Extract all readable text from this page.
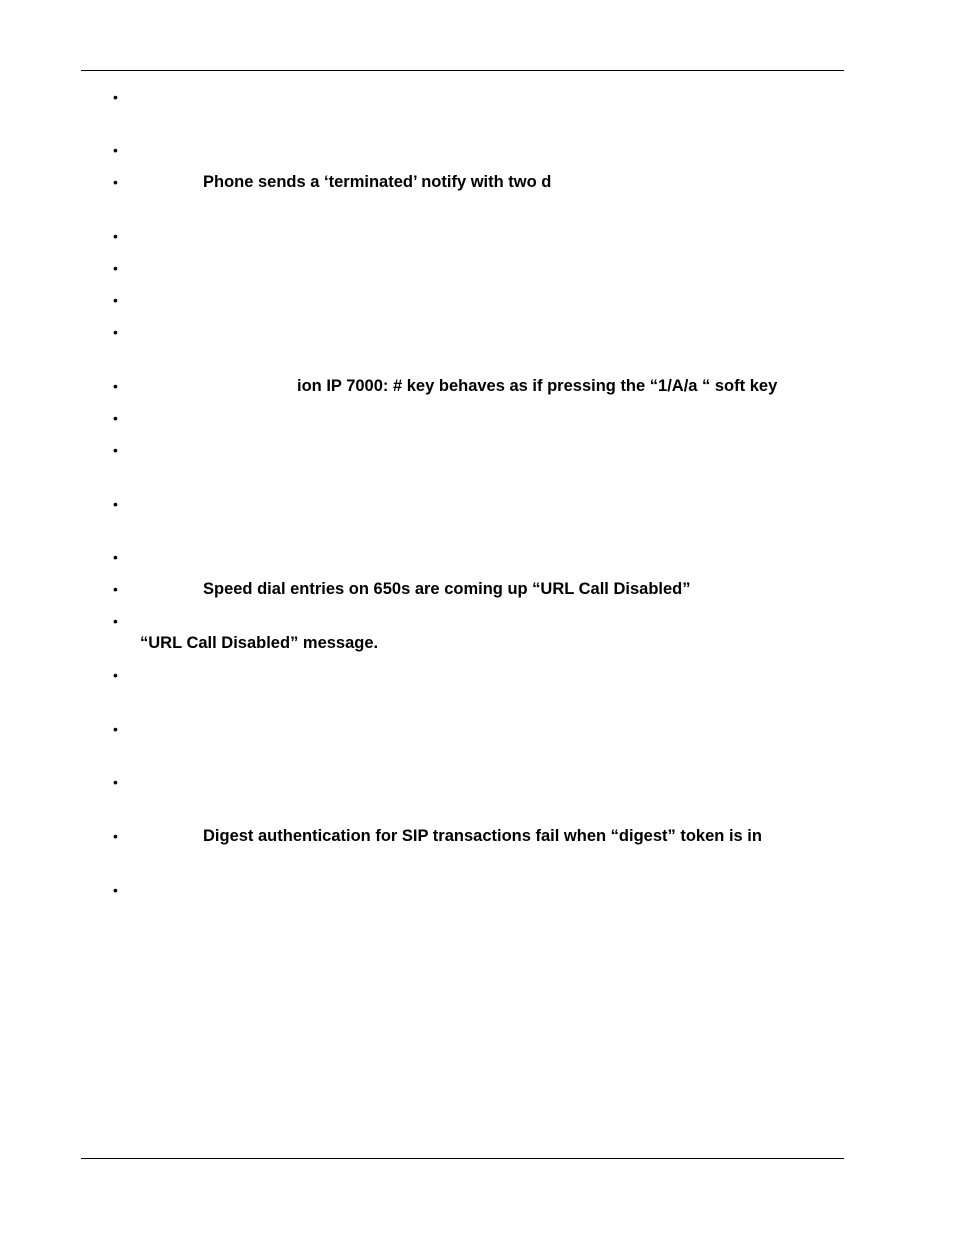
•
•
•
•
•
•
•
•
•
•
•
•
•
•
•
•
•
•
•
Phone sends a ‘terminated’ notify with two d
ion IP 7000: # key behaves as if pressing the “1/A/a “ soft key
Speed dial entries on 650s are coming up “URL Call Disabled”
“URL Call Disabled” message.
Digest authentication for SIP transactions fail when “digest” token is in
